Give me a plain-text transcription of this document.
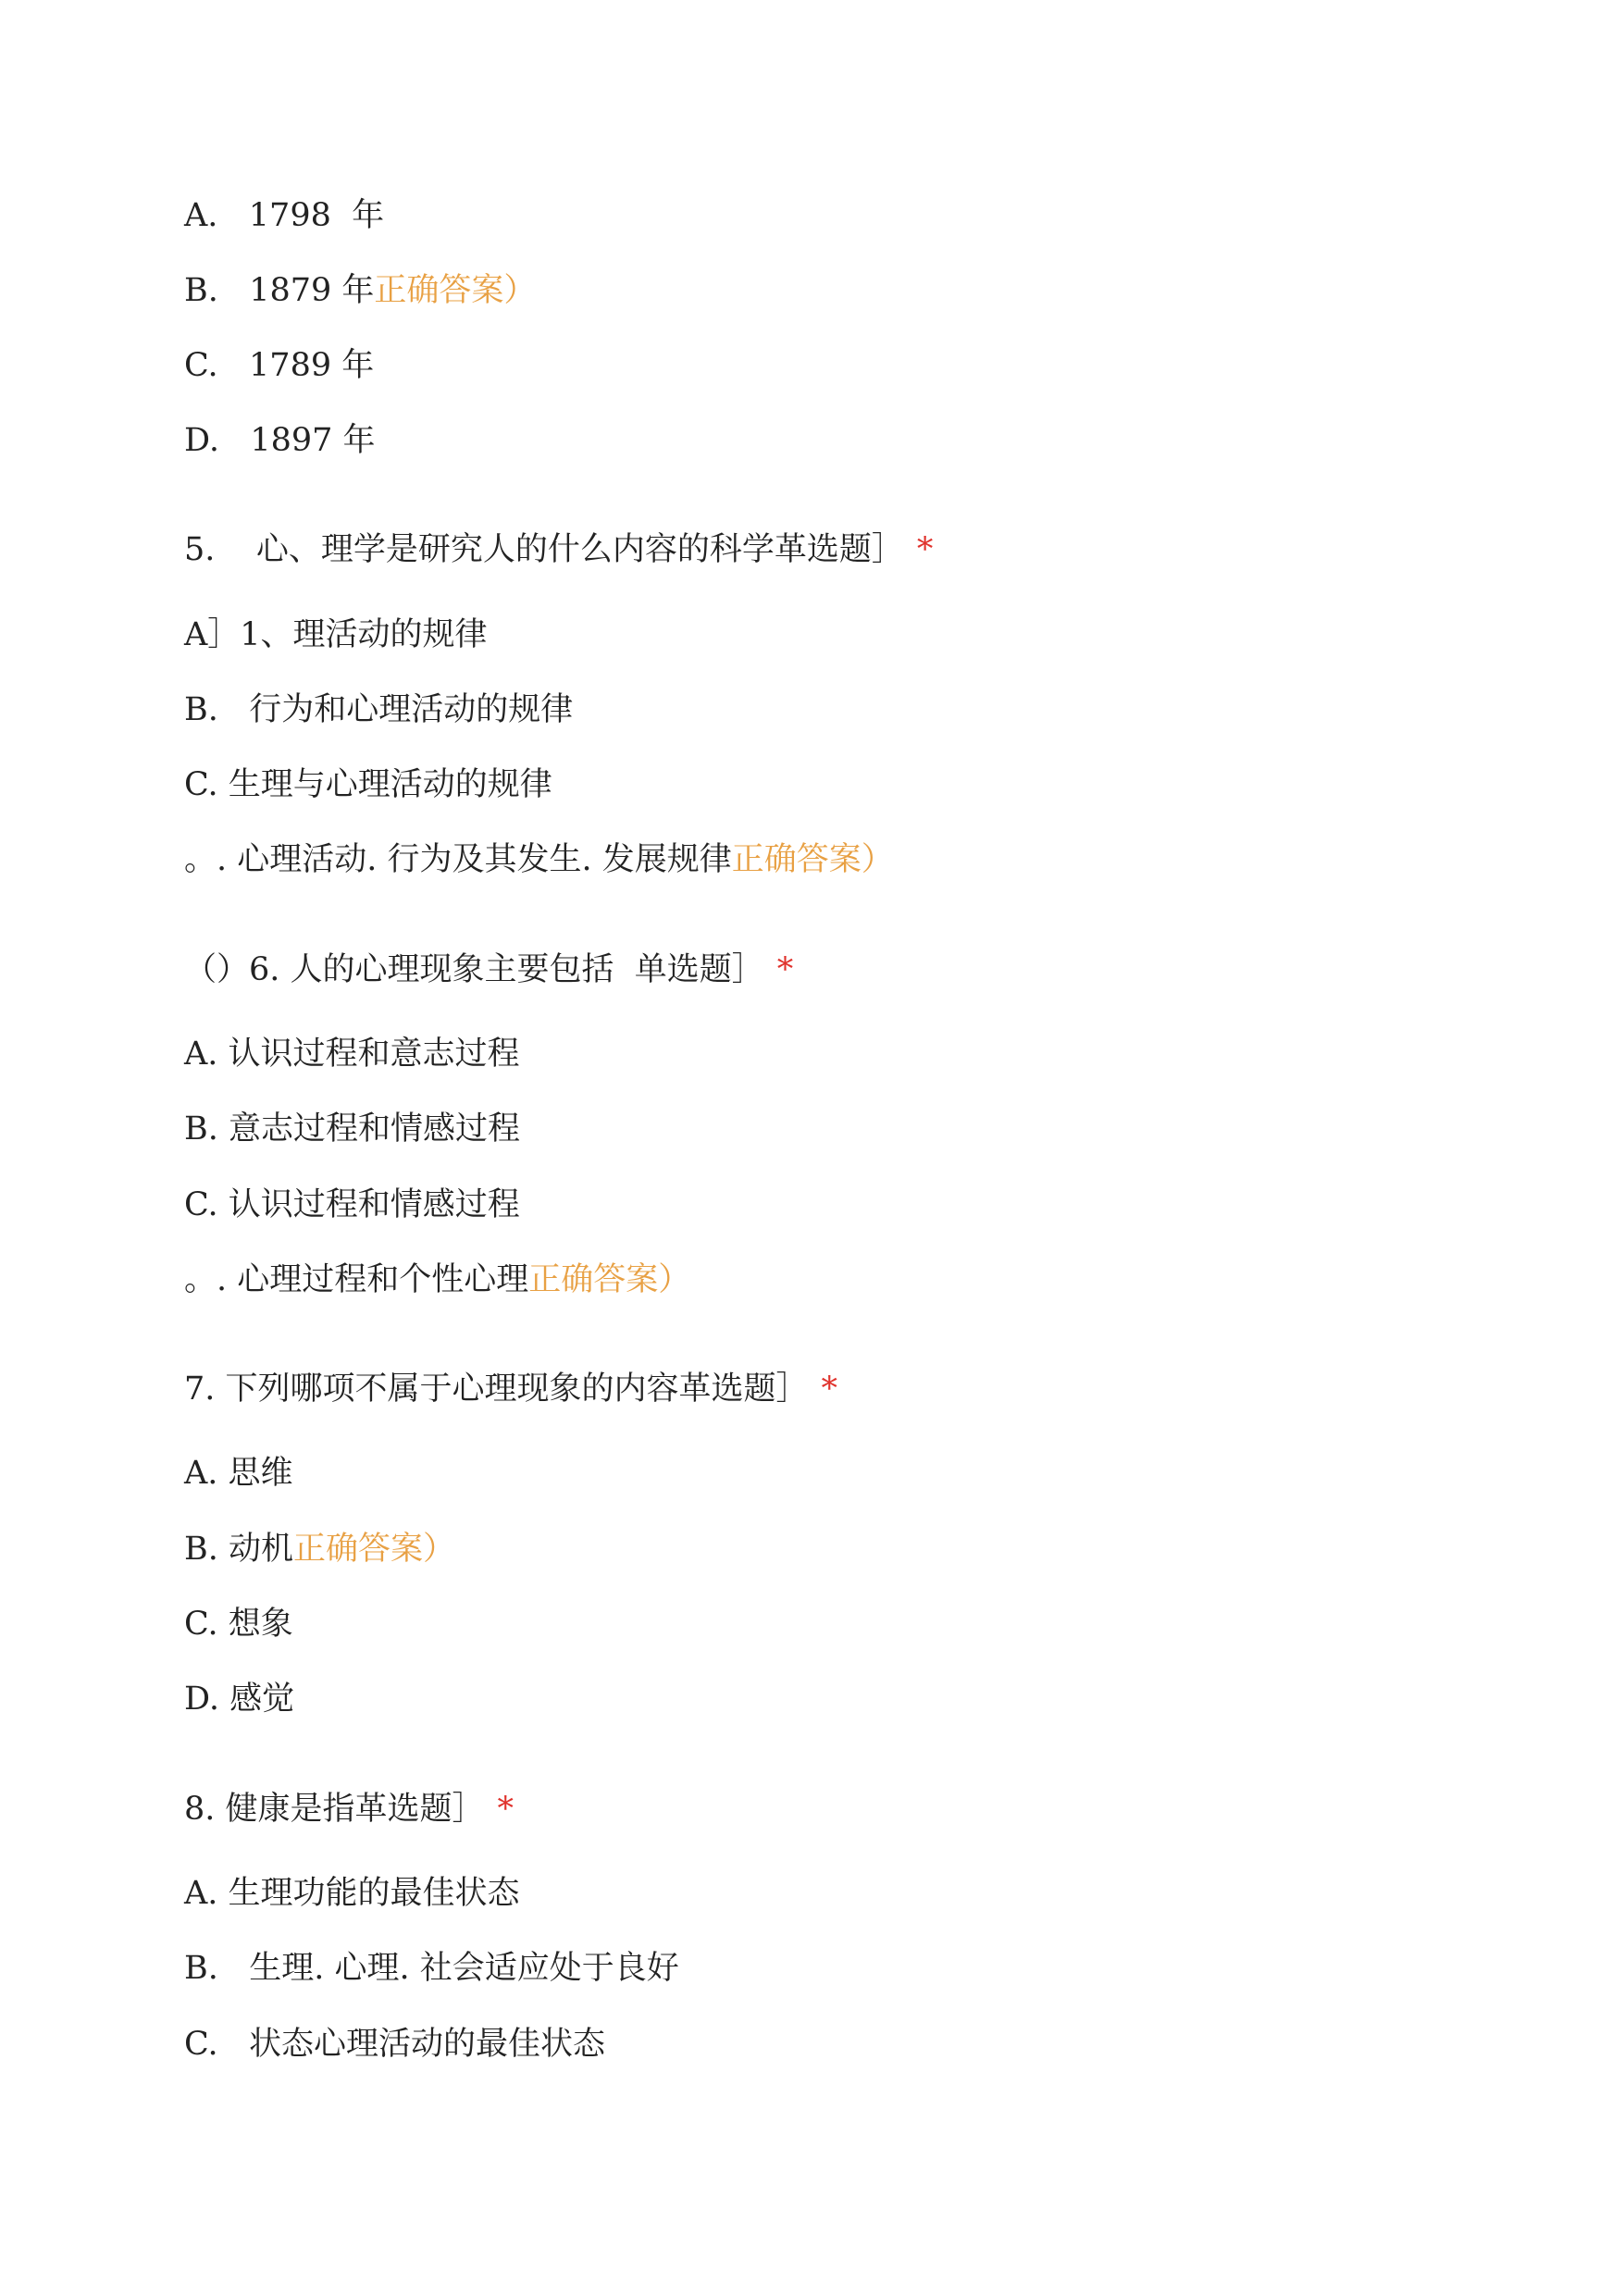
A.   1798  年

B.   1879 年正确答案）

C.   1789 年

D.   1897 年

5.    心、理学是研究人的什么内容的科学革选题］ *

A］1、理活动的规律

B.   行为和心理活动的规律

C. 生理与心理活动的规律

。. 心理活动. 行为及其发生. 发展规律正确答案）

（）6. 人的心理现象主要包括  单选题］ *

A. 认识过程和意志过程

B. 意志过程和情感过程

C. 认识过程和情感过程

。. 心理过程和个性心理正确答案）

7. 下列哪项不属于心理现象的内容革选题］ *

A. 思维

B. 动机正确答案）

C. 想象

D. 感觉

8. 健康是指革选题］ *

A. 生理功能的最佳状态

B.   生理. 心理. 社会适应处于良好

C.   状态心理活动的最佳状态
